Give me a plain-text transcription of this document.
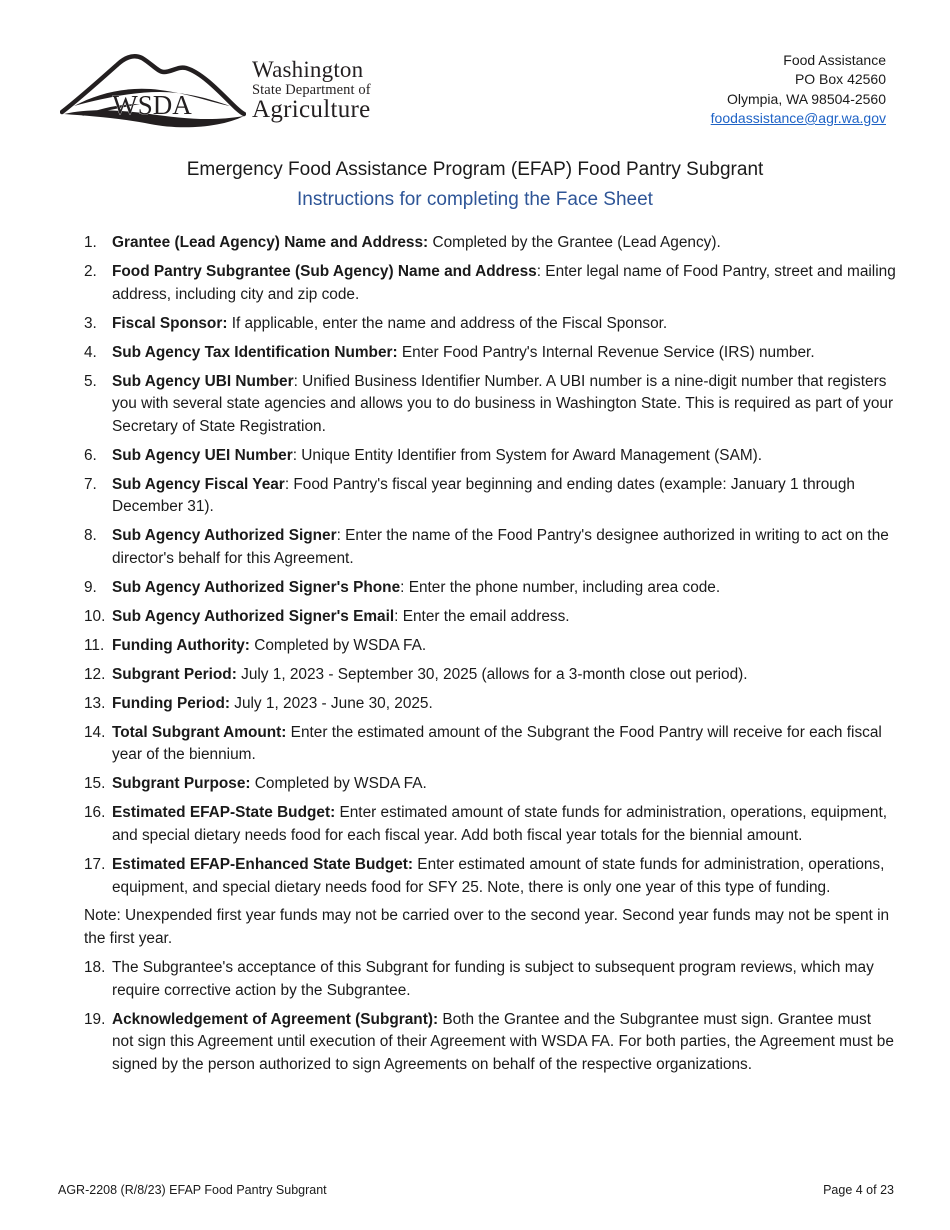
WSDA
Washington
State Department of
Agriculture
Food Assistance
PO Box 42560
Olympia, WA 98504-2560
foodassistance@agr.wa.gov
Emergency Food Assistance Program (EFAP) Food Pantry Subgrant
Instructions for completing the Face Sheet
1. Grantee (Lead Agency) Name and Address: Completed by the Grantee (Lead Agency).
2. Food Pantry Subgrantee (Sub Agency) Name and Address: Enter legal name of Food Pantry, street and mailing address, including city and zip code.
3. Fiscal Sponsor: If applicable, enter the name and address of the Fiscal Sponsor.
4. Sub Agency Tax Identification Number: Enter Food Pantry's Internal Revenue Service (IRS) number.
5. Sub Agency UBI Number: Unified Business Identifier Number. A UBI number is a nine-digit number that registers you with several state agencies and allows you to do business in Washington State. This is required as part of your Secretary of State Registration.
6. Sub Agency UEI Number: Unique Entity Identifier from System for Award Management (SAM).
7. Sub Agency Fiscal Year: Food Pantry's fiscal year beginning and ending dates (example: January 1 through December 31).
8. Sub Agency Authorized Signer: Enter the name of the Food Pantry's designee authorized in writing to act on the director's behalf for this Agreement.
9. Sub Agency Authorized Signer's Phone: Enter the phone number, including area code.
10. Sub Agency Authorized Signer's Email: Enter the email address.
11. Funding Authority: Completed by WSDA FA.
12. Subgrant Period: July 1, 2023 - September 30, 2025 (allows for a 3-month close out period).
13. Funding Period: July 1, 2023 - June 30, 2025.
14. Total Subgrant Amount: Enter the estimated amount of the Subgrant the Food Pantry will receive for each fiscal year of the biennium.
15. Subgrant Purpose: Completed by WSDA FA.
16. Estimated EFAP-State Budget: Enter estimated amount of state funds for administration, operations, equipment, and special dietary needs food for each fiscal year. Add both fiscal year totals for the biennial amount.
17. Estimated EFAP-Enhanced State Budget: Enter estimated amount of state funds for administration, operations, equipment, and special dietary needs food for SFY 25. Note, there is only one year of this type of funding.
Note: Unexpended first year funds may not be carried over to the second year. Second year funds may not be spent in the first year.
18. The Subgrantee's acceptance of this Subgrant for funding is subject to subsequent program reviews, which may require corrective action by the Subgrantee.
19. Acknowledgement of Agreement (Subgrant): Both the Grantee and the Subgrantee must sign. Grantee must not sign this Agreement until execution of their Agreement with WSDA FA. For both parties, the Agreement must be signed by the person authorized to sign Agreements on behalf of the respective organizations.
AGR-2208 (R/8/23) EFAP Food Pantry Subgrant	Page 4 of 23
